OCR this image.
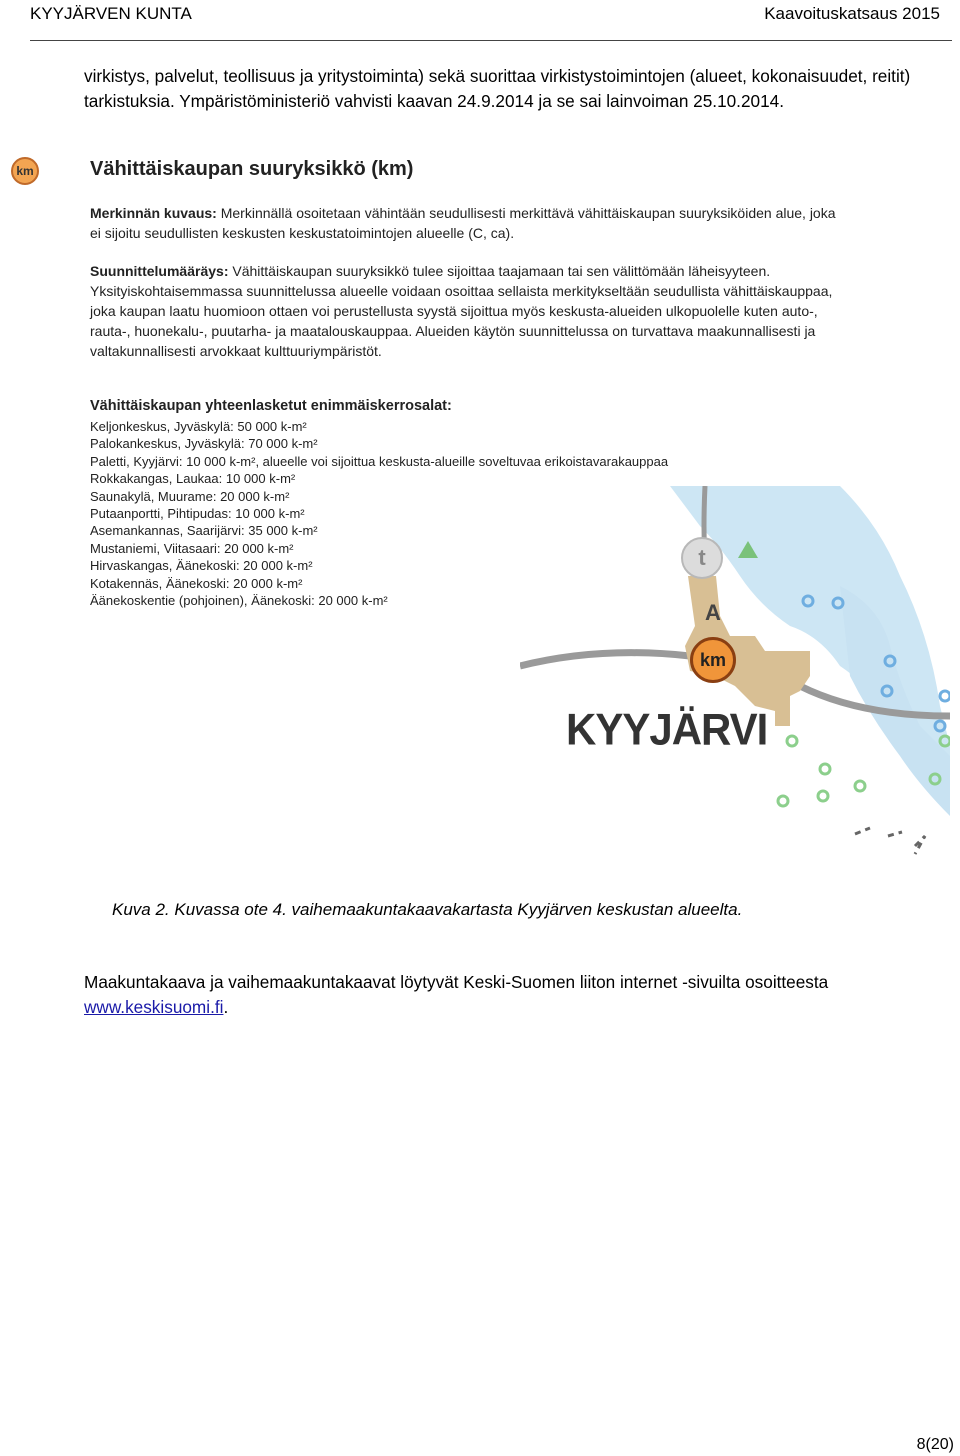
KYYJÄRVEN KUNTA	Kaavoituskatsaus 2015
virkistys, palvelut, teollisuus ja yritystoiminta) sekä suorittaa virkistystoimintojen (alueet, kokonaisuudet, reitit) tarkistuksia. Ympäristöministeriö vahvisti kaavan 24.9.2014 ja se sai lainvoiman 25.10.2014.
km	Vähittäiskaupan suuryksikkö (km)
Merkinnän kuvaus: Merkinnällä osoitetaan vähintään seudullisesti merkittävä vähittäiskaupan suuryksiköiden alue, joka ei sijoitu seudullisten keskusten keskustatoimintojen alueelle (C, ca).
Suunnittelumääräys: Vähittäiskaupan suuryksikkö tulee sijoittaa taajamaan tai sen välittömään läheisyyteen. Yksityiskohtaisemmassa suunnittelussa alueelle voidaan osoittaa sellaista merkitykseltään seudullista vähittäiskauppaa, joka kaupan laatu huomioon ottaen voi perustellusta syystä sijoittua myös keskusta-alueiden ulkopuolelle kuten auto-, rauta-, huonekalu-, puutarha- ja maatalouskauppaa. Alueiden käytön suunnittelussa on turvattava maakunnallisesti ja valtakunnallisesti arvokkaat kulttuuriympäristöt.
Vähittäiskaupan yhteenlasketut enimmäiskerrosalat:
Keljonkeskus, Jyväskylä: 50 000 k-m²
Palokankeskus, Jyväskylä: 70 000 k-m²
Paletti, Kyyjärvi: 10 000 k-m², alueelle voi sijoittua keskusta-alueille soveltuvaa erikoistavarakauppaa
Rokkakangas, Laukaa: 10 000 k-m²
Saunakylä, Muurame: 20 000 k-m²
Putaanportti, Pihtipudas: 10 000 k-m²
Asemankannas, Saarijärvi: 35 000 k-m²
Mustaniemi, Viitasaari: 20 000 k-m²
Hirvaskangas, Äänekoski: 20 000 k-m²
Kotakennäs, Äänekoski: 20 000 k-m²
Äänekoskentie (pohjoinen), Äänekoski: 20 000 k-m²
t
A
km
KYYJÄRVI
Kuva 2. Kuvassa ote 4. vaihemaakuntakaavakartasta Kyyjärven keskustan alueelta.
Maakuntakaava ja vaihemaakuntakaavat löytyvät Keski-Suomen liiton internet -sivuilta osoitteesta www.keskisuomi.fi.
8(20)
